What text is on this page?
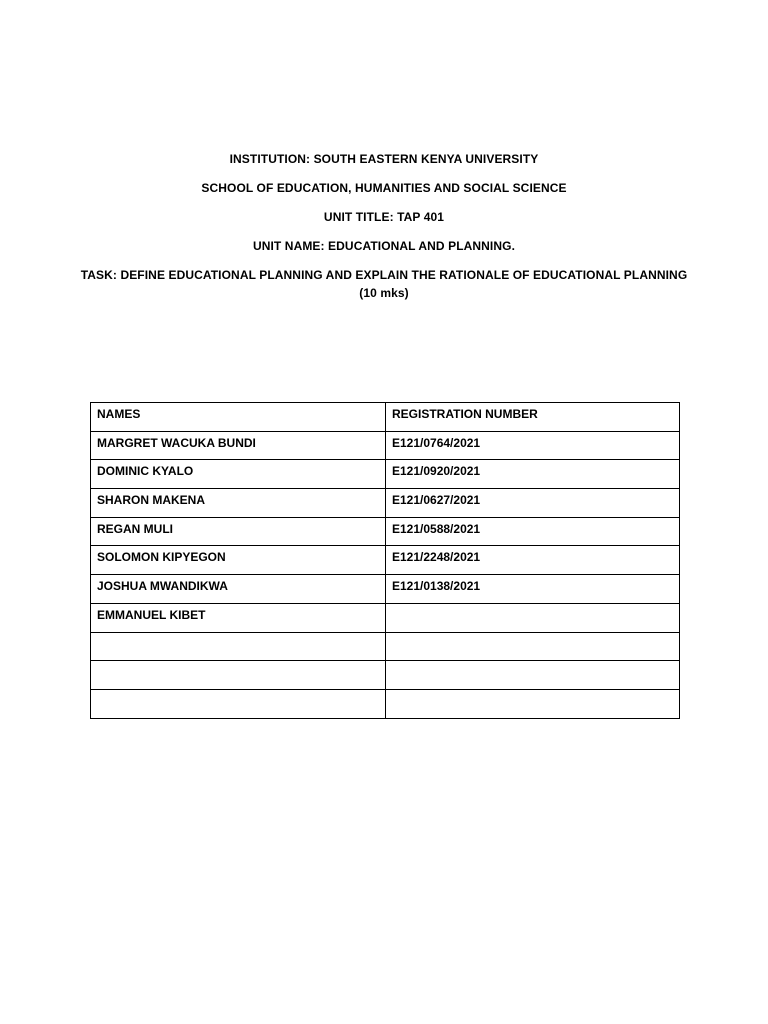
INSTITUTION: SOUTH EASTERN KENYA UNIVERSITY
SCHOOL OF EDUCATION, HUMANITIES AND SOCIAL SCIENCE
UNIT TITLE: TAP 401
UNIT NAME: EDUCATIONAL AND PLANNING.
TASK: DEFINE EDUCATIONAL PLANNING AND EXPLAIN THE RATIONALE OF EDUCATIONAL PLANNING
(10 mks)
NAMES	REGISTRATION NUMBER
MARGRET WACUKA BUNDI	E121/0764/2021
DOMINIC KYALO	E121/0920/2021
SHARON MAKENA	E121/0627/2021
REGAN MULI	E121/0588/2021
SOLOMON KIPYEGON	E121/2248/2021
JOSHUA MWANDIKWA	E121/0138/2021
EMMANUEL KIBET	
